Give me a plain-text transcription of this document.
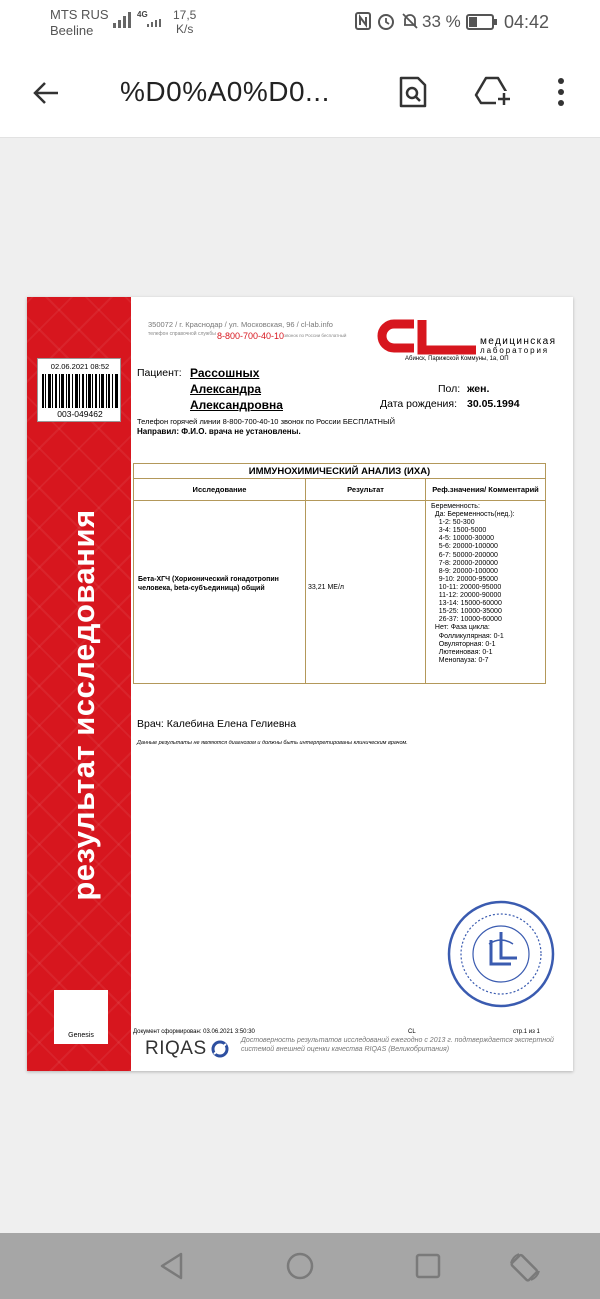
MTS RUS
Beeline
4G	17,5
K/s	33 % 04:42
%D0%A0%D0...
02.06.2021 08:52
003-049462
результат исследования
Genesis
350072 / г. Краснодар / ул. Московская, 96 / cl-lab.info
телефон справочной службы 8-800-700-40-10 звонок по России бесплатный
медицинская
лаборатория
Абинск, Парижской Коммуны, 1а, ОП
Пациент: Рассошных
Александра
Александровна
Пол: жен.
Дата рождения: 30.05.1994
Телефон горячей линии 8-800-700-40-10 звонок по России БЕСПЛАТНЫЙ
Направил: Ф.И.О. врача не установлены.
ИММУНОХИМИЧЕСКИЙ АНАЛИЗ (ИХА)
Исследование	Результат	Реф.значения/ Комментарий
Бета-ХГЧ (Хорионический гонадотропин человека, beta-субъединица) общий	33,21 МЕ/л
Беременность:
Да: Беременность(нед.):
1-2: 50-300
3-4: 1500-5000
4-5: 10000-30000
5-6: 20000-100000
6-7: 50000-200000
7-8: 20000-200000
8-9: 20000-100000
9-10: 20000-95000
10-11: 20000-95000
11-12: 20000-90000
13-14: 15000-60000
15-25: 10000-35000
26-37: 10000-60000
Нет: Фаза цикла:
Фолликулярная: 0-1
Овуляторная: 0-1
Лютеиновая: 0-1
Менопауза: 0-7
Врач: Калебина Елена Гелиевна
Данные результаты не являются диагнозом и должны быть интерпретированы клиническим врачом.
Документ сформирован: 03.06.2021 3:50:30	CL	стр.1 из 1
RIQAS	Достоверность результатов исследований ежегодно с 2013 г. подтверждается экспертной системой внешней оценки качества RIQAS (Великобритания)
